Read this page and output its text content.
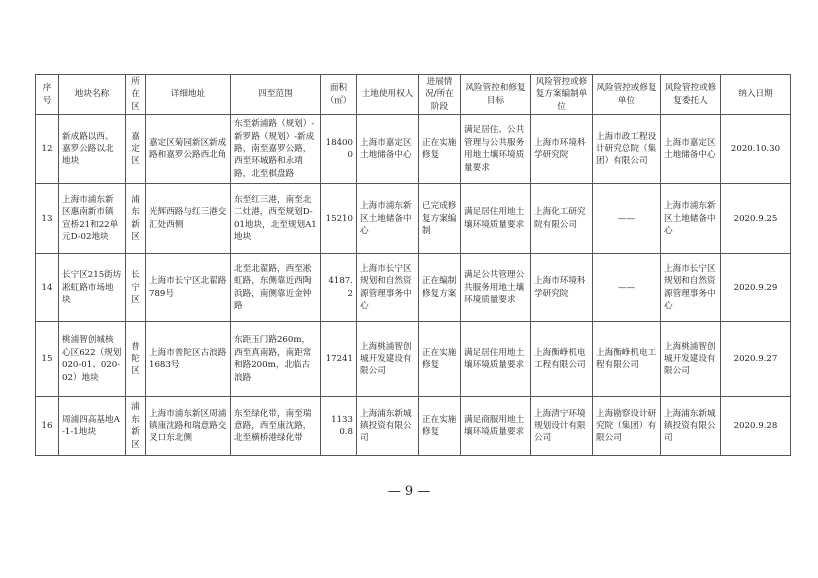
序号	地块名称	所在区	详细地址	四至范围	面积（㎡）	土地使用权人	进展情况/所在阶段	风险管控和修复目标	风险管控或修复方案编制单位	风险管控或修复单位	风险管控或修复委托人	纳入日期
12	新成路以西、嘉罗公路以北地块	嘉定区	嘉定区菊园新区新成路和嘉罗公路西北角	东至新浦路（规划）-新罗路（规划）-新成路，南至嘉罗公路，西至环城路和永靖路，北至棋盘路	184000	上海市嘉定区土地储备中心	正在实施修复	满足居住、公共管理与公共服务用地土壤环境质量要求	上海市环境科学研究院	上海市政工程设计研究总院（集团）有限公司	上海市嘉定区土地储备中心	2020.10.30
13	上海市浦东新区惠南新市镇宣桥21和22单元D-02地块	浦东新区	光辉西路与红三港交汇处西侧	东至红三港，南至北二灶港，西至规划D-01地块，北至规划A1地块	15210	上海市浦东新区土地储备中心	已完成修复方案编制	满足居住用地土壤环境质量要求	上海化工研究院有限公司	——	上海市浦东新区土地储备中心	2020.9.25
14	长宁区215街坊凇虹路市场地块	长宁区	上海市长宁区北翟路789号	北至北翟路，西至凇虹路，东侧靠近西陶浜路，南侧靠近金钟路	4187.2	上海市长宁区规划和自然资源管理事务中心	正在编制修复方案	满足公共管理公共服务用地土壤环境质量要求	上海市环境科学研究院	——	上海市长宁区规划和自然资源管理事务中心	2020.9.29
15	桃浦智创城核心区622（规划020-01、020-02）地块	普陀区	上海市普陀区古浪路1683号	东距玉门路260m，西至真南路，南距常和路200m，北临古浪路	17241	上海桃浦智创城开发建设有限公司	正在实施修复	满足居住用地土壤环境质量要求	上海衡峥机电工程有限公司	上海衡峥机电工程有限公司	上海桃浦智创城开发建设有限公司	2020.9.27
16	周浦四高基地A-1-1地块	浦东新区	上海市浦东新区周浦镇康沈路和瑞意路交叉口东北侧	东至绿化带，南至瑞意路，西至康沈路，北至横桥港绿化带	11330.8	上海浦东新城镇投资有限公司	正在实施修复	满足商服用地土壤环境质量要求	上海清宁环境规划设计有限公司	上海勘察设计研究院（集团）有限公司	上海浦东新城镇投资有限公司	2020.9.28
— 9 —
